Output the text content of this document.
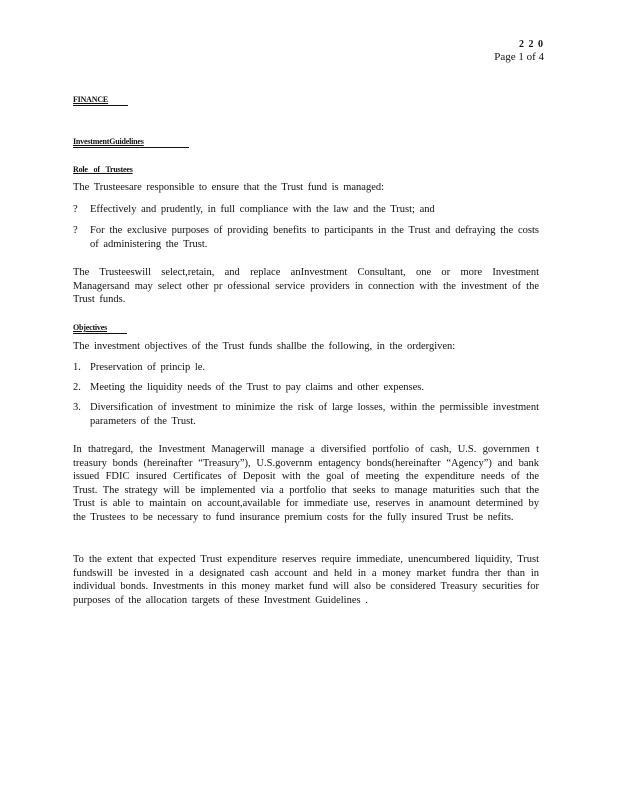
2 2 0
Page 1 of 4
FINANCE
InvestmentGuidelines
Role of Trustees
The Trusteesare responsible to ensure that the Trust fund is managed:
?	Effectively and prudently, in full compliance with the law and the Trust; and
?	For the exclusive purposes of providing benefits to participants in the Trust and defraying the costs of administering the Trust.
The Trusteeswill select,retain, and replace anInvestment Consultant, one or more Investment Managersand may select other pr ofessional service providers in connection with the investment of the Trust funds.
Objectives
The investment objectives of the Trust funds shallbe the following, in the ordergiven:
1. Preservation of princip le.
2. Meeting the liquidity needs of the Trust to pay claims and other expenses.
3. Diversification of investment to minimize the risk of large losses, within the permissible investment parameters of the Trust.
In thatregard, the Investment Managerwill manage a diversified portfolio of cash, U.S. governmen t treasury bonds (hereinafter “Treasury”), U.S.governm entagency bonds(hereinafter “Agency”) and bank issued FDIC insured Certificates of Deposit with the goal of meeting the expenditure needs of the Trust. The strategy will be implemented via a portfolio that seeks to manage maturities such that the Trust is able to maintain on account,available for immediate use, reserves in anamount determined by the Trustees to be necessary to fund insurance premium costs for the fully insured Trust be nefits.
To the extent that expected Trust expenditure reserves require immediate, unencumbered liquidity, Trust fundswill be invested in a designated cash account and held in a money market fundra ther than in individual bonds. Investments in this money market fund will also be considered Treasury securities for purposes of the allocation targets of these Investment Guidelines .
